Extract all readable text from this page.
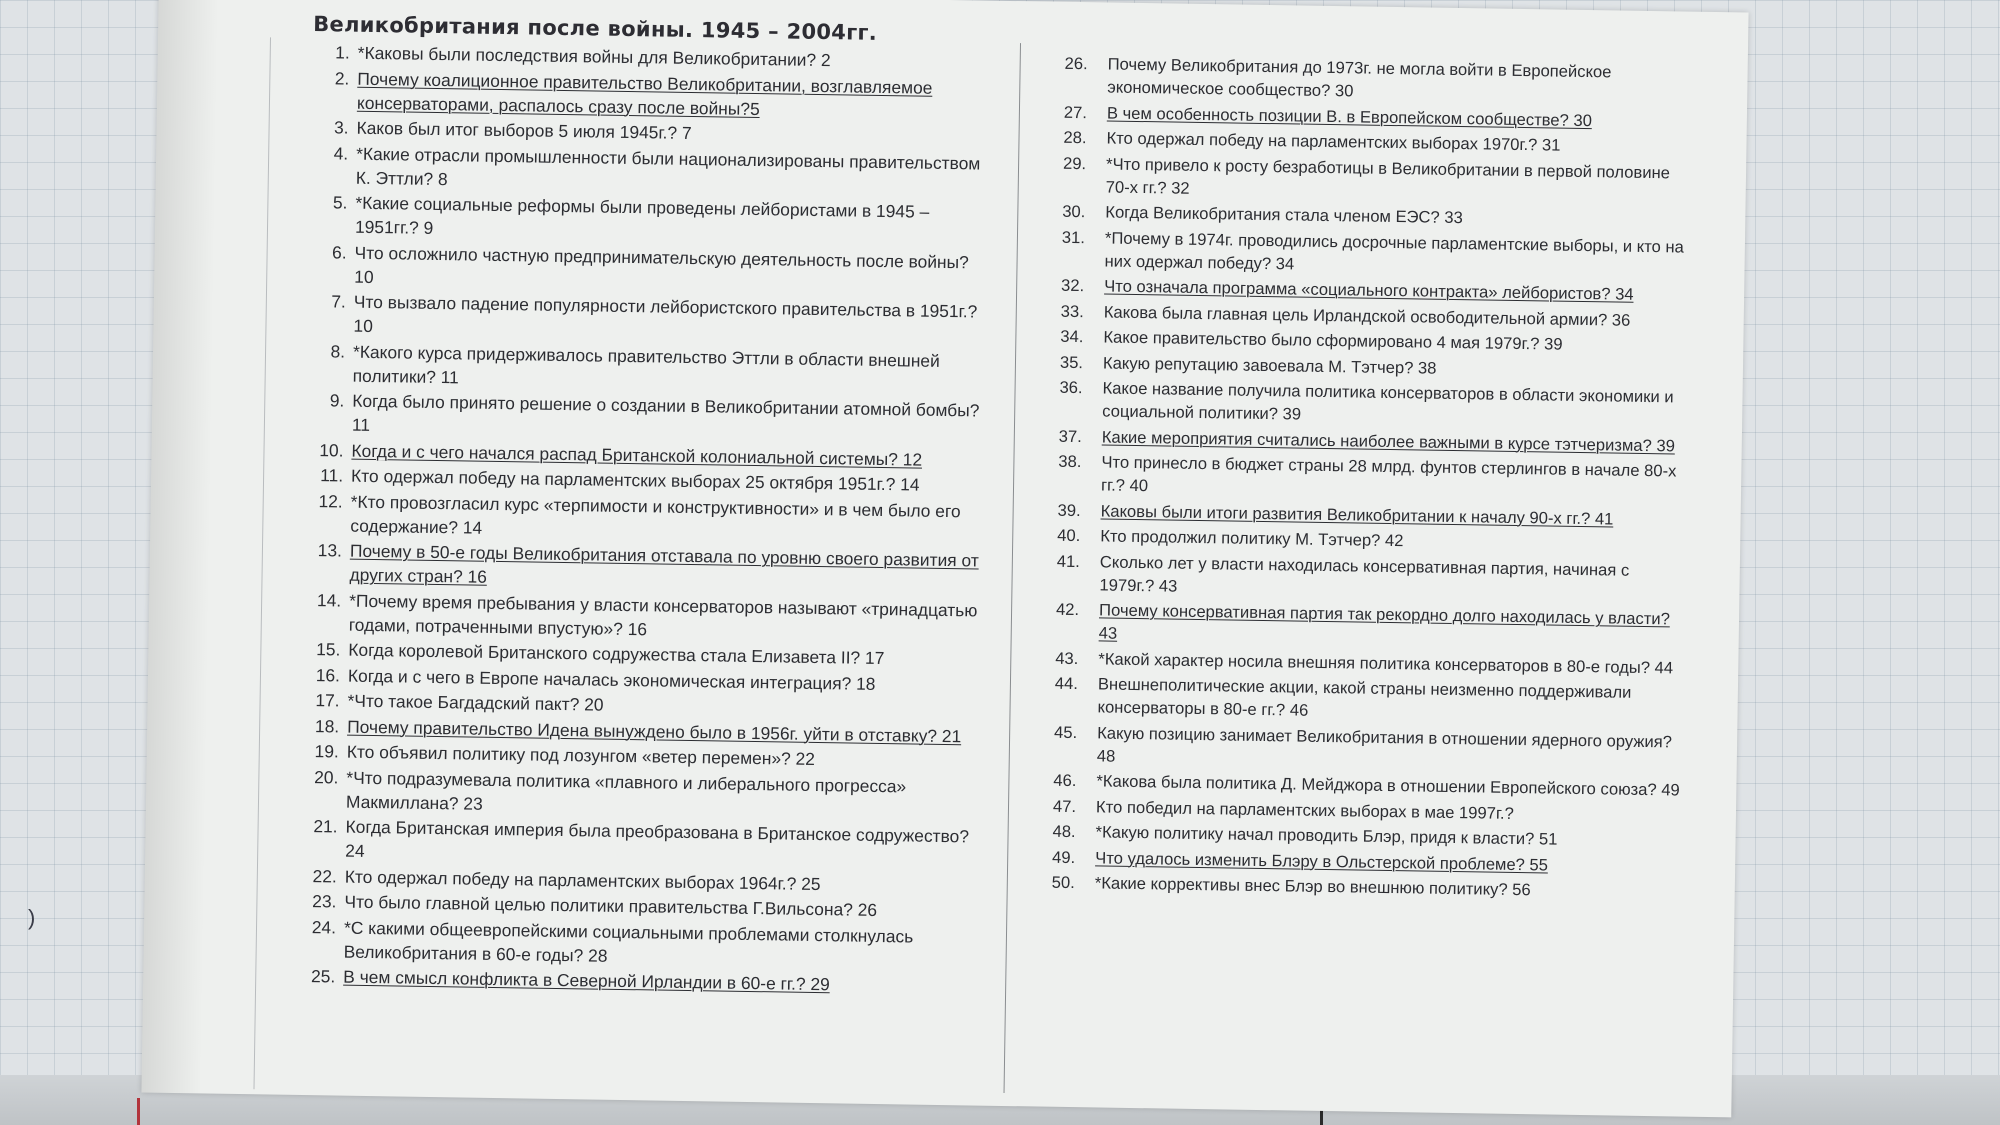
Великобритания после войны. 1945 – 2004гг.
1. *Каковы были последствия войны для Великобритании? 2
2. Почему коалиционное правительство Великобритании, возглавляемое консерваторами, распалось сразу после войны?5
3. Каков был итог выборов 5 июля 1945г.? 7
4. *Какие отрасли промышленности были национализированы правительством К. Эттли? 8
5. *Какие социальные реформы были проведены лейбористами в 1945 – 1951гг.? 9
6. Что осложнило частную предпринимательскую деятельность после войны? 10
7. Что вызвало падение популярности лейбористского правительства в 1951г.? 10
8. *Какого курса придерживалось правительство Эттли в области внешней политики? 11
9. Когда было принято решение о создании в Великобритании атомной бомбы? 11
10. Когда и с чего начался распад Британской колониальной системы? 12
11. Кто одержал победу на парламентских выборах 25 октября 1951г.? 14
12. *Кто провозгласил курс «терпимости и конструктивности» и в чем было его содержание? 14
13. Почему в 50-е годы Великобритания отставала по уровню своего развития от других стран? 16
14. *Почему время пребывания у власти консерваторов называют «тринадцатью годами, потраченными впустую»? 16
15. Когда королевой Британского содружества стала Елизавета II? 17
16. Когда и с чего в Европе началась экономическая интеграция? 18
17. *Что такое Багдадский пакт? 20
18. Почему правительство Идена вынуждено было в 1956г. уйти в отставку? 21
19. Кто объявил политику под лозунгом «ветер перемен»? 22
20. *Что подразумевала политика «плавного и либерального прогресса» Макмиллана? 23
21. Когда Британская империя была преобразована в Британское содружество? 24
22. Кто одержал победу на парламентских выборах 1964г.? 25
23. Что было главной целью политики правительства Г.Вильсона? 26
24. *С какими общеевропейскими социальными проблемами столкнулась Великобритания в 60-е годы? 28
25. В чем смысл конфликта в Северной Ирландии в 60-е гг.? 29
26. Почему Великобритания до 1973г. не могла войти в Европейское экономическое сообщество? 30
27. В чем особенность позиции В. в Европейском сообществе? 30
28. Кто одержал победу на парламентских выборах 1970г.? 31
29. *Что привело к росту безработицы в Великобритании в первой половине 70-х гг.? 32
30. Когда Великобритания стала членом ЕЭС? 33
31. *Почему в 1974г. проводились досрочные парламентские выборы, и кто на них одержал победу? 34
32. Что означала программа «социального контракта» лейбористов? 34
33. Какова была главная цель Ирландской освободительной армии? 36
34. Какое правительство было сформировано 4 мая 1979г.? 39
35. Какую репутацию завоевала М. Тэтчер? 38
36. Какое название получила политика консерваторов в области экономики и социальной политики? 39
37. Какие мероприятия считались наиболее важными в курсе тэтчеризма? 39
38. Что принесло в бюджет страны 28 млрд. фунтов стерлингов в начале 80-х гг.? 40
39. Каковы были итоги развития Великобритании к началу 90-х гг.? 41
40. Кто продолжил политику М. Тэтчер? 42
41. Сколько лет у власти находилась консервативная партия, начиная с 1979г.? 43
42. Почему консервативная партия так рекордно долго находилась у власти? 43
43. *Какой характер носила внешняя политика консерваторов в 80-е годы? 44
44. Внешнеполитические акции, какой страны неизменно поддерживали консерваторы в 80-е гг.? 46
45. Какую позицию занимает Великобритания в отношении ядерного оружия? 48
46. *Какова была политика Д. Мейджора в отношении Европейского союза? 49
47. Кто победил на парламентских выборах в мае 1997г.?
48. *Какую политику начал проводить Блэр, придя к власти? 51
49. Что удалось изменить Блэру в Ольстерской проблеме? 55
50. *Какие коррективы внес Блэр во внешнюю политику? 56
)
